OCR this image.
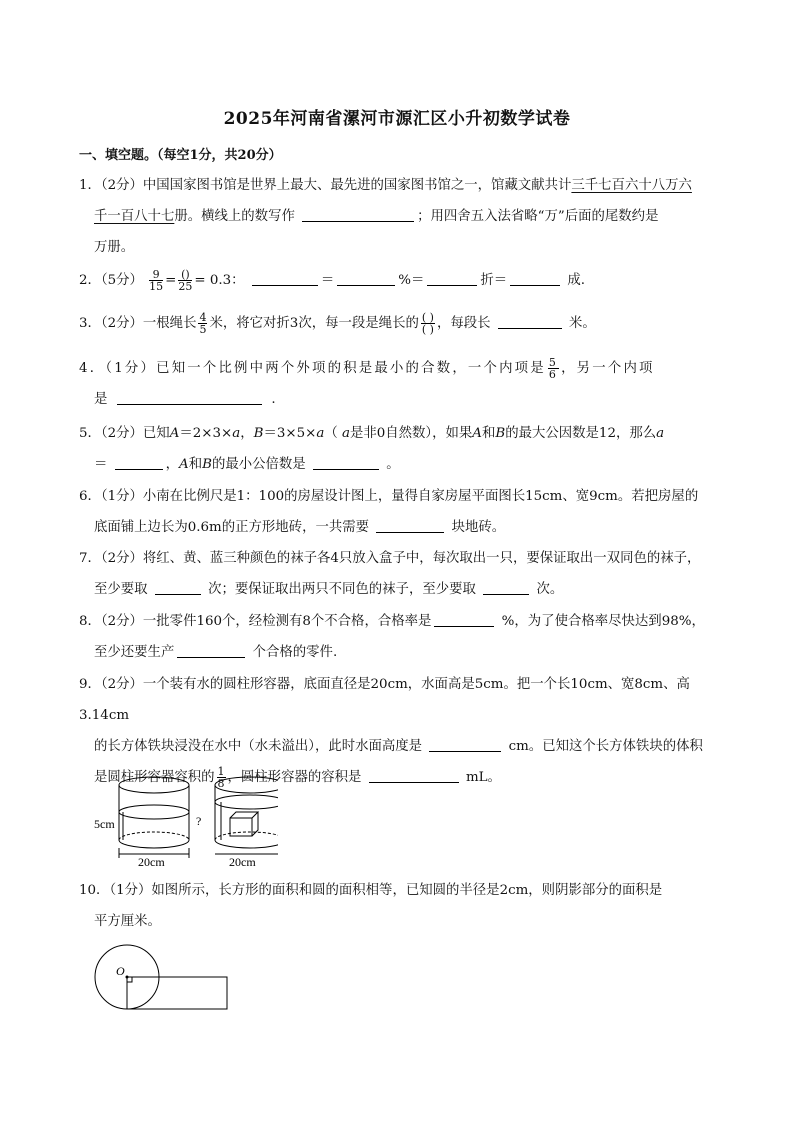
2025年河南省漯河市源汇区小升初数学试卷
一、填空题。（每空1分，共20分）
1．（2分）中国国家图书馆是世界上最大、最先进的国家图书馆之一，馆藏文献共计三千七百六十八万六
千一百八十七册。横线上的数写作	；用四舍五入法省略“万”后面的尾数约是
万册。
2．（5分） $\frac{9}{15} = \frac{()}{25} = 0.3$：	＝	%＝	折＝	成.
3．（2分）一根绳长 $\frac{4}{5}$ 米，将它对折3次，每一段是绳长的 $\frac{( )}{( )}$ ，每段长	米。
4．（1分）已知一个比例中两个外项的积是最小的合数，一个内项是 $\frac{5}{6}$ ，另一个内项
是	.
5．（2分）已知A＝2×3×a，B＝3×5×a（ a是非0自然数），如果A和B的最大公因数是12，那么a
＝	，A和B的最小公倍数是	。
6．（1分）小南在比例尺是1：100的房屋设计图上，量得自家房屋平面图长15cm、宽9cm。若把房屋的
底面铺上边长为0.6m的正方形地砖，一共需要	块地砖。
7．（2分）将红、黄、蓝三种颜色的袜子各4只放入盒子中，每次取出一只，要保证取出一双同色的袜子，
至少要取	次；要保证取出两只不同色的袜子，至少要取	次。
8．（2分）一批零件160个，经检测有8个不合格，合格率是	%，为了使合格率尽快达到98%，
至少还要生产	个合格的零件.
9．（2分）一个装有水的圆柱形容器，底面直径是20cm，水面高是5cm。把一个长10cm、宽8cm、高3.14cm
的长方体铁块浸没在水中（水未溢出），此时水面高度是	cm。已知这个长方体铁块的体积
是圆柱形容器容积的 $\frac{1}{8}$ ，圆柱形容器的容积是	mL。
5cm
20cm
?
20cm
10．（1分）如图所示，长方形的面积和圆的面积相等，已知圆的半径是2cm，则阴影部分的面积是
平方厘米。
O
